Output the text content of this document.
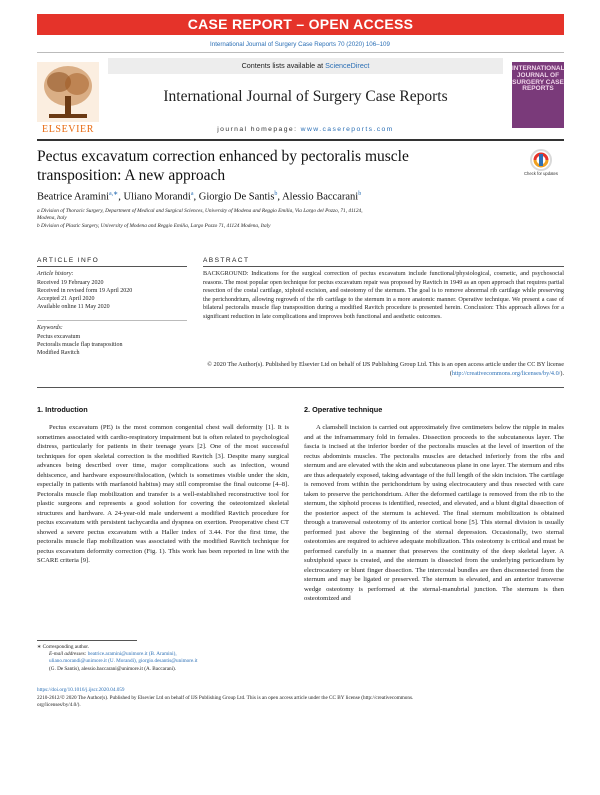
CASE REPORT – OPEN ACCESS
International Journal of Surgery Case Reports 70 (2020) 106–109
ELSEVIER
Contents lists available at ScienceDirect
International Journal of Surgery Case Reports
journal homepage: www.casereports.com
INTERNATIONAL JOURNAL OF SURGERY CASE REPORTS
Pectus excavatum correction enhanced by pectoralis muscle
transposition: A new approach	Check for updates
Beatrice Aramini$^{a,∗}$, Uliano Morandi$^a$, Giorgio De Santis$^b$, Alessio Baccarani$^b$
a Division of Thoracic Surgery, Department of Medical and Surgical Sciences, University of Modena and Reggio Emilia, Via Largo del Pozzo, 71, 41124,
Modena, Italy
b Division of Plastic Surgery, University of Modena and Reggio Emilia, Largo Pozzo 71, 41124 Modena, Italy
ARTICLE INFO
Article history:
Received 19 February 2020
Received in revised form 19 April 2020
Accepted 21 April 2020
Available online 11 May 2020
Keywords:
Pectus excavatum
Pectoralis muscle flap transposition
Modified Ravitch
ABSTRACT
BACKGROUND: Indications for the surgical correction of pectus excavatum include functional/physiological, cosmetic, and psychosocial reasons. The most popular open technique for pectus excavatum repair was proposed by Ravitch in 1949 as an open approach that requires partial resection of the costal cartilage, xiphoid excision, and osteotomy of the sternum. The goal is to remove abnormal rib cartilage while preserving the perichondrium, allowing regrowth of the rib cartilage to the sternum in a more anatomic manner. Operative technique. We present a case of bilateral pectoralis muscle flap transposition during a modified Ravitch procedure is presented herein. Conclusion: This approach allows for a significant reduction in late complications and improves both functional and aesthetic outcomes.
© 2020 The Author(s). Published by Elsevier Ltd on behalf of IJS Publishing Group Ltd. This is an open access article under the CC BY license (http://creativecommons.org/licenses/by/4.0/).
1. Introduction
Pectus excavatum (PE) is the most common congenital chest wall deformity [1]. It is sometimes associated with cardio-respiratory impairment but is often related to psychological distress, particularly for patients in their teenage years [2]. One of the most successful techniques for open skeletal correction is the modified Ravitch [3]. Despite many surgical advances being described over time, major complications such as infection, wound dehiscence, and hardware exposure/dislocation, (which is sometimes visible under the skin, especially in patients with marfanoid habitus) may still compromise the final outcome [4–8]. Pectoralis muscle flap mobilization and transfer is a well-established reconstructive tool for plastic surgeons and represents a good solution for covering the osteotomized skeletal structures and hardware. A 24-year-old male underwent a modified Ravitch procedure for pectus excavatum with persistent tachycardia and dyspnea on exertion. Preoperative chest CT showed a severe pectus excavatum with a Haller index of 3.44. For the first time, the pectoralis muscle flap mobilization was associated with the modified Ravitch technique for pectus excavatum deformity correction (Fig. 1). This work has been reported in line with the SCARE criteria [9].
2. Operative technique
A clamshell incision is carried out approximately five centimeters below the nipple in males and at the inframammary fold in females. Dissection proceeds to the subcutaneous layer. The fascia is incised at the inferior border of the pectoralis muscles at the level of insertion of the rectus abdominis muscles. The pectoralis muscles are detached inferiorly from the ribs and sternum and are elevated with the skin and subcutaneous plane in one layer. The sternum and ribs are thus adequately exposed, taking advantage of the full length of the skin incision. The cartilage is removed from within the perichondrium by using electrocautery and thus resected with care taken to preserve the perichondrium. After the deformed cartilage is removed from the rib to the sternum, the xiphoid process is identified, resected, and elevated, and a blunt digital dissection of the posterior aspect of the sternum is achieved. The final sternum mobilization is obtained through a transversal osteotomy of its anterior cortical bone [5]. This sternal division is usually performed just above the beginning of the sternal depression. Occasionally, two sternal osteotomies are required to achieve adequate mobilization. This osteotomy is critical and must be performed carefully in a manner that preserves the continuity of the deep skeletal layer. A subxiphoid space is created, and the sternum is dissected from the underlying pericardium by electrocautery or blunt finger dissection. The intercostal bundles are then disconnected from the sternum and may be ligated or preserved. The sternum is elevated, and an anterior transverse wedge osteotomy is performed at the sternal-manubrial junction. The sternum is then osteotomized and
∗ Corresponding author.
E-mail addresses: beatrice.aramini@unimore.it (B. Aramini),
uliano.morandi@unimore.it (U. Morandi), giorgio.desantis@unimore.it
(G. De Santis), alessio.baccarani@unimore.it (A. Baccarani).
https://doi.org/10.1016/j.ijscr.2020.04.059
2210-2612/© 2020 The Author(s). Published by Elsevier Ltd on behalf of IJS Publishing Group Ltd. This is an open access article under the CC BY license (http://creativecommons.
org/licenses/by/4.0/).
